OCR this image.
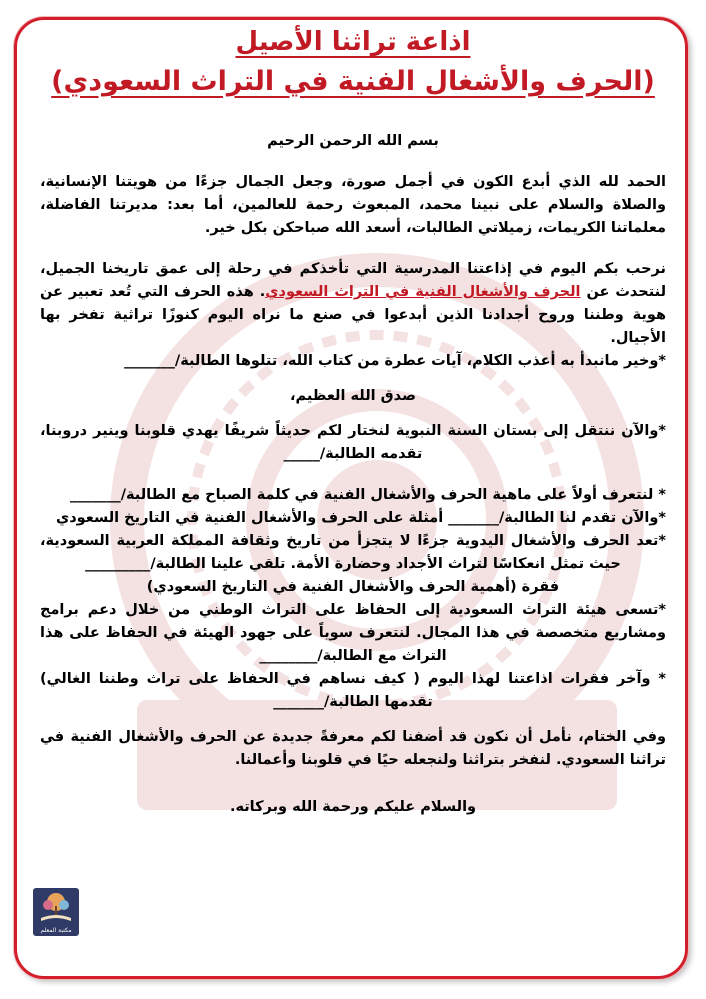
اذاعة تراثنا الأصيل

(الحرف والأشغال الفنية في التراث السعودي)

بسم الله الرحمن الرحيم

الحمد لله الذي أبدع الكون في أجمل صورة، وجعل الجمال جزءًا من هويتنا الإنسانية، والصلاة والسلام على نبينا محمد، المبعوث رحمة للعالمين، أما بعد: مديرتنا الفاضلة، معلماتنا الكريمات، زميلاتي الطالبات، أسعد الله صباحكن بكل خير.

نرحب بكم اليوم في إذاعتنا المدرسية التي تأخذكم في رحلة إلى عمق تاريخنا الجميل، لنتحدث عن الحرف والأشغال الفنية في التراث السعودي. هذه الحرف التي تُعد تعبير عن هوية وطننا وروح أجدادنا الذين أبدعوا في صنع ما نراه اليوم كنوزًا تراثية تفخر بها الأجيال.

*وخير مانبدأ به أعذب الكلام، آيات عطرة من كتاب الله، تتلوها الطالبة/_______

صدق الله العظيم،

*والآن ننتقل إلى بستان السنة النبوية لنختار لكم حديثاً شريفًا يهدي قلوبنا وينير دروبنا، تقدمه الطالبة/_____

* لنتعرف أولاً على ماهية الحرف والأشغال الفنية في كلمة الصباح مع الطالبة/_______

*والآن تقدم لنا الطالبة/_______ أمثلة على الحرف والأشغال الفنية في التاريخ السعودي

*تعد الحرف والأشغال اليدوية جزءًا لا يتجزأ من تاريخ وثقافة المملكة العربية السعودية، حيث تمثل انعكاسًا لتراث الأجداد وحضارة الأمة. تلقي علينا الطالبة/_________

فقرة (أهمية الحرف والأشغال الفنية في التاريخ السعودي)

*تسعى هيئة التراث السعودية إلى الحفاظ على التراث الوطني من خلال دعم برامج ومشاريع متخصصة في هذا المجال. لنتعرف سوياً على جهود الهيئة في الحفاظ على هذا التراث مع الطالبة/________

* وآخر فقرات اذاعتنا لهذا اليوم ( كيف نساهم في الحفاظ على تراث وطننا الغالي) تقدمها الطالبة/_______

وفي الختام، نأمل أن نكون قد أضفنا لكم معرفةً جديدة عن الحرف والأشغال الفنية في تراثنا السعودي. لنفخر بتراثنا ولنجعله حيًا في قلوبنا وأعمالنا.

والسلام عليكم ورحمة الله وبركاته.

مكتبة المعلم
